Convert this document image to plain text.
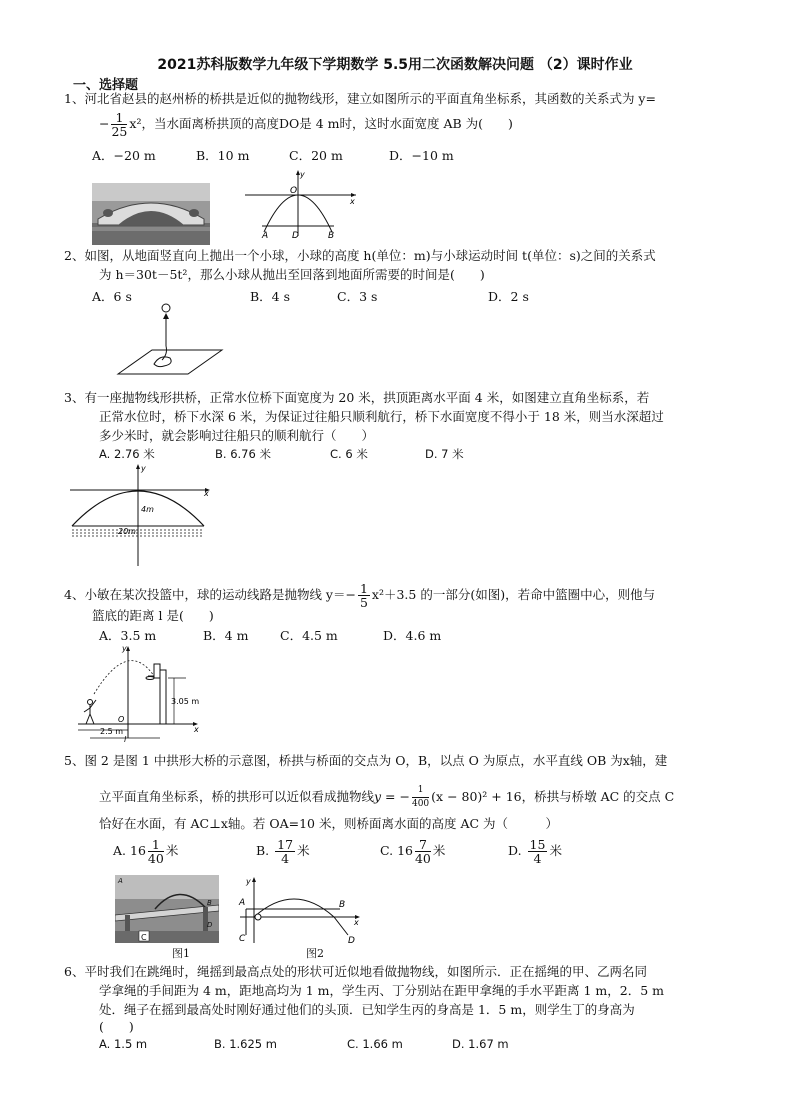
2021苏科版数学九年级下学期数学 5.5用二次函数解决问题 （2）课时作业
一、选择题
1、河北省赵县的赵州桥的桥拱是近似的抛物线形，建立如图所示的平面直角坐标系，其函数的关系式为 y=
− $\frac{1}{25} x^2$，当水面离桥拱顶的高度DO是 4 m时，这时水面宽度 AB 为(　　)
A．−20 m	B．10 m	C．20 m	D．−10 m
y
O
x
A	D	B
2、如图，从地面竖直向上抛出一个小球，小球的高度 h(单位：m)与小球运动时间 t(单位：s)之间的关系式
为 h＝30t－5t²，那么小球从抛出至回落到地面所需要的时间是(　　)
A．6 s	B．4 s	C．3 s	D．2 s
3、有一座抛物线形拱桥，正常水位桥下面宽度为 20 米，拱顶距离水平面 4 米，如图建立直角坐标系，若
正常水位时，桥下水深 6 米，为保证过往船只顺利航行，桥下水面宽度不得小于 18 米，则当水深超过
多少米时，就会影响过往船只的顺利航行（　　）
A. 2.76 米	B. 6.76 米	C. 6 米	D. 7 米
x
y
4m
20m
4、小敏在某次投篮中，球的运动线路是抛物线 $y=- \frac{1}{5} x^2+3.5$ 的一部分(如图)，若命中篮圈中心，则他与
篮底的距离 l 是(　　)
A．3.5 m	B．4 m	C．4.5 m	D．4.6 m
x
y
O
3.05 m
2.5 m
l
5、图 2 是图 1 中拱形大桥的示意图，桥拱与桥面的交点为 O，B，以点 O 为原点，水平直线 OB 为x轴，建
立平面直角坐标系，桥的拱形可以近似看成抛物线y = − $\frac{1}{400} (x - 80)^2 + 16$，桥拱与桥墩 AC 的交点 C
恰好在水面，有 AC⊥x轴。若 OA=10 米，则桥面离水面的高度 AC 为（　　　）
A. $16 \frac{1}{40}$ 米	B. $\frac{17}{4}$ 米	C. $16 \frac{7}{40}$ 米	D. $\frac{15}{4}$ 米
A
B
D
C
图1
x
y
A	B
C	D
图2
6、平时我们在跳绳时，绳摇到最高点处的形状可近似地看做抛物线，如图所示．正在摇绳的甲、乙两名同
学拿绳的手间距为 4 m，距地高均为 1 m，学生丙、丁分别站在距甲拿绳的手水平距离 1 m，2．5 m
处．绳子在摇到最高处时刚好通过他们的头顶．已知学生丙的身高是 1．5 m，则学生丁的身高为
(　　)
A. 1.5 m	B. 1.625 m	C. 1.66 m	D. 1.67 m
